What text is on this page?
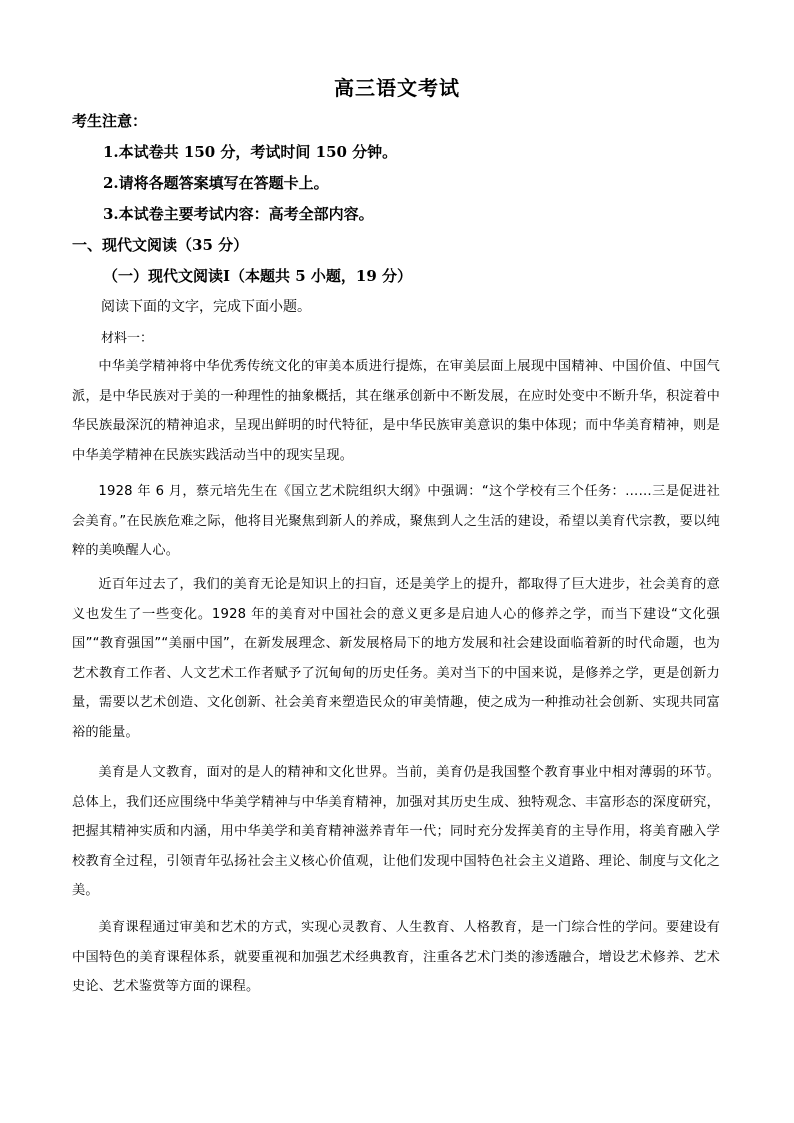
高三语文考试
考生注意：
1.本试卷共 150 分，考试时间 150 分钟。
2.请将各题答案填写在答题卡上。
3.本试卷主要考试内容：高考全部内容。
一、现代文阅读（35 分）
（一）现代文阅读Ⅰ（本题共 5 小题，19 分）
阅读下面的文字，完成下面小题。
材料一：

中华美学精神将中华优秀传统文化的审美本质进行提炼，在审美层面上展现中国精神、中国价值、中国气派，是中华民族对于美的一种理性的抽象概括，其在继承创新中不断发展，在应时处变中不断升华，积淀着中华民族最深沉的精神追求，呈现出鲜明的时代特征，是中华民族审美意识的集中体现；而中华美育精神，则是中华美学精神在民族实践活动当中的现实呈现。

1928 年 6 月，蔡元培先生在《国立艺术院组织大纲》中强调：“这个学校有三个任务：……三是促进社会美育。”在民族危难之际，他将目光聚焦到新人的养成，聚焦到人之生活的建设，希望以美育代宗教，要以纯粹的美唤醒人心。

近百年过去了，我们的美育无论是知识上的扫盲，还是美学上的提升，都取得了巨大进步，社会美育的意义也发生了一些变化。1928 年的美育对中国社会的意义更多是启迪人心的修养之学，而当下建设“文化强国”“教育强国”“美丽中国”，在新发展理念、新发展格局下的地方发展和社会建设面临着新的时代命题，也为艺术教育工作者、人文艺术工作者赋予了沉甸甸的历史任务。美对当下的中国来说，是修养之学，更是创新力量，需要以艺术创造、文化创新、社会美育来塑造民众的审美情趣，使之成为一种推动社会创新、实现共同富裕的能量。

美育是人文教育，面对的是人的精神和文化世界。当前，美育仍是我国整个教育事业中相对薄弱的环节。总体上，我们还应围绕中华美学精神与中华美育精神，加强对其历史生成、独特观念、丰富形态的深度研究，把握其精神实质和内涵，用中华美学和美育精神滋养青年一代；同时充分发挥美育的主导作用，将美育融入学校教育全过程，引领青年弘扬社会主义核心价值观，让他们发现中国特色社会主义道路、理论、制度与文化之美。

美育课程通过审美和艺术的方式，实现心灵教育、人生教育、人格教育，是一门综合性的学问。要建设有中国特色的美育课程体系，就要重视和加强艺术经典教育，注重各艺术门类的渗透融合，增设艺术修养、艺术史论、艺术鉴赏等方面的课程。
